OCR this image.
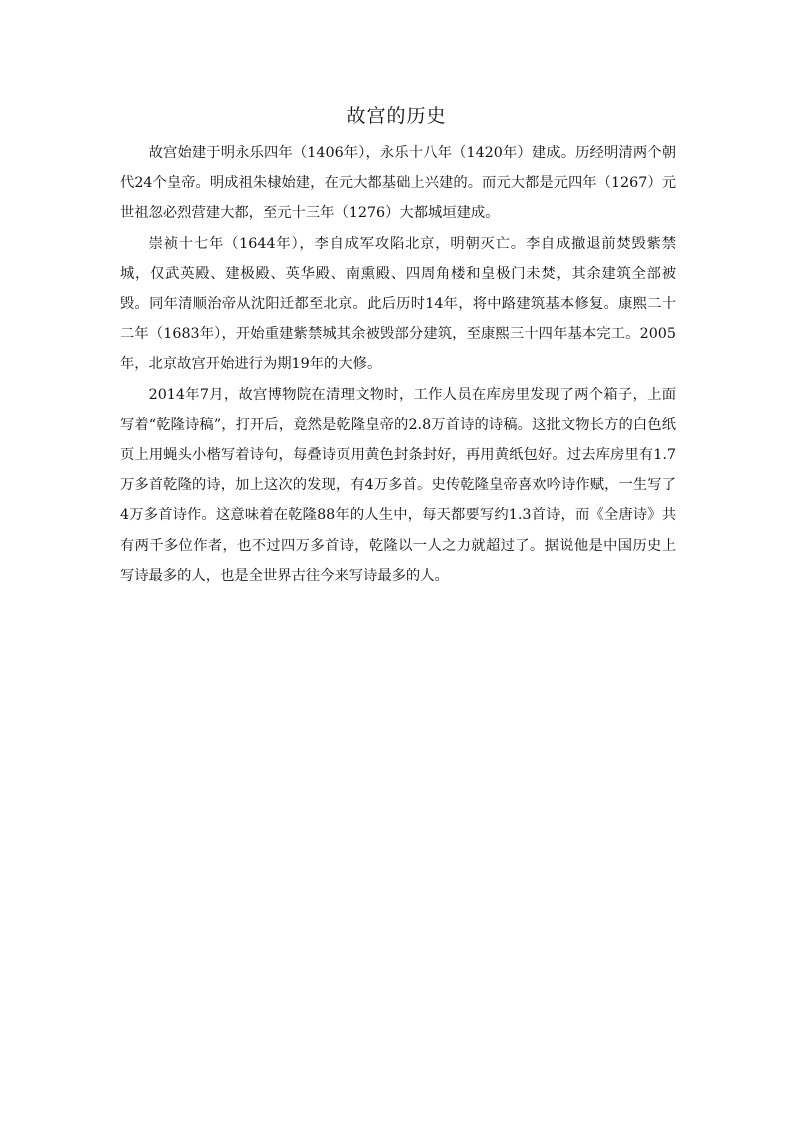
故宫的历史

故宫始建于明永乐四年（1406年），永乐十八年（1420年）建成。历经明清两个朝代24个皇帝。明成祖朱棣始建，在元大都基础上兴建的。而元大都是元四年（1267）元世祖忽必烈营建大都，至元十三年（1276）大都城垣建成。

崇祯十七年（1644年），李自成军攻陷北京，明朝灭亡。李自成撤退前焚毁紫禁城，仅武英殿、建极殿、英华殿、南熏殿、四周角楼和皇极门未焚，其余建筑全部被毁。同年清顺治帝从沈阳迁都至北京。此后历时14年，将中路建筑基本修复。康熙二十二年（1683年），开始重建紫禁城其余被毁部分建筑，至康熙三十四年基本完工。2005年，北京故宫开始进行为期19年的大修。

2014年7月，故宫博物院在清理文物时，工作人员在库房里发现了两个箱子，上面写着“乾隆诗稿”，打开后，竟然是乾隆皇帝的2.8万首诗的诗稿。这批文物长方的白色纸页上用蝇头小楷写着诗句，每叠诗页用黄色封条封好，再用黄纸包好。过去库房里有1.7万多首乾隆的诗，加上这次的发现，有4万多首。史传乾隆皇帝喜欢吟诗作赋，一生写了4万多首诗作。这意味着在乾隆88年的人生中，每天都要写约1.3首诗，而《全唐诗》共有两千多位作者，也不过四万多首诗，乾隆以一人之力就超过了。据说他是中国历史上写诗最多的人，也是全世界古往今来写诗最多的人。
